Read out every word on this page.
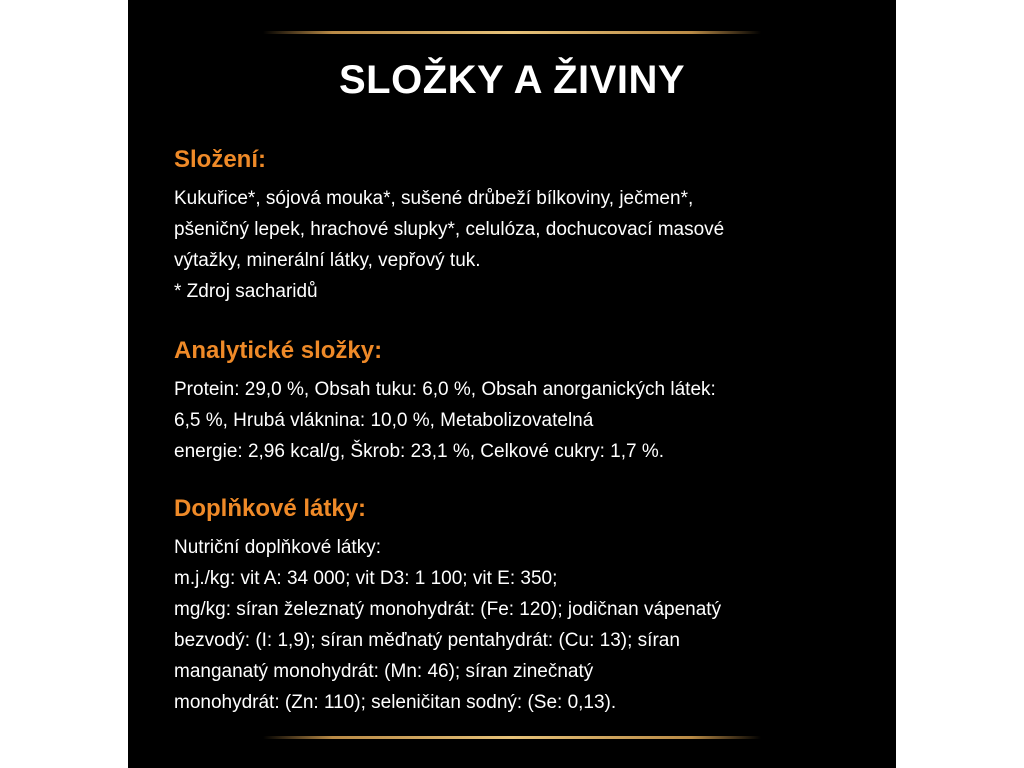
SLOŽKY A ŽIVINY
Složení:
Kukuřice*, sójová mouka*, sušené drůbeží bílkoviny, ječmen*,
pšeničný lepek, hrachové slupky*, celulóza, dochucovací masové
výtažky, minerální látky, vepřový tuk.
* Zdroj sacharidů
Analytické složky:
Protein: 29,0 %, Obsah tuku: 6,0 %, Obsah anorganických látek:
6,5 %, Hrubá vláknina: 10,0 %, Metabolizovatelná
energie: 2,96 kcal/g, Škrob: 23,1 %, Celkové cukry: 1,7 %.
Doplňkové látky:
Nutriční doplňkové látky:
m.j./kg: vit A: 34 000; vit D3: 1 100; vit E: 350;
mg/kg: síran železnatý monohydrát: (Fe: 120); jodičnan vápenatý
bezvodý: (I: 1,9); síran měďnatý pentahydrát: (Cu: 13); síran
manganatý monohydrát: (Mn: 46); síran zinečnatý
monohydrát: (Zn: 110); seleničitan sodný: (Se: 0,13).
